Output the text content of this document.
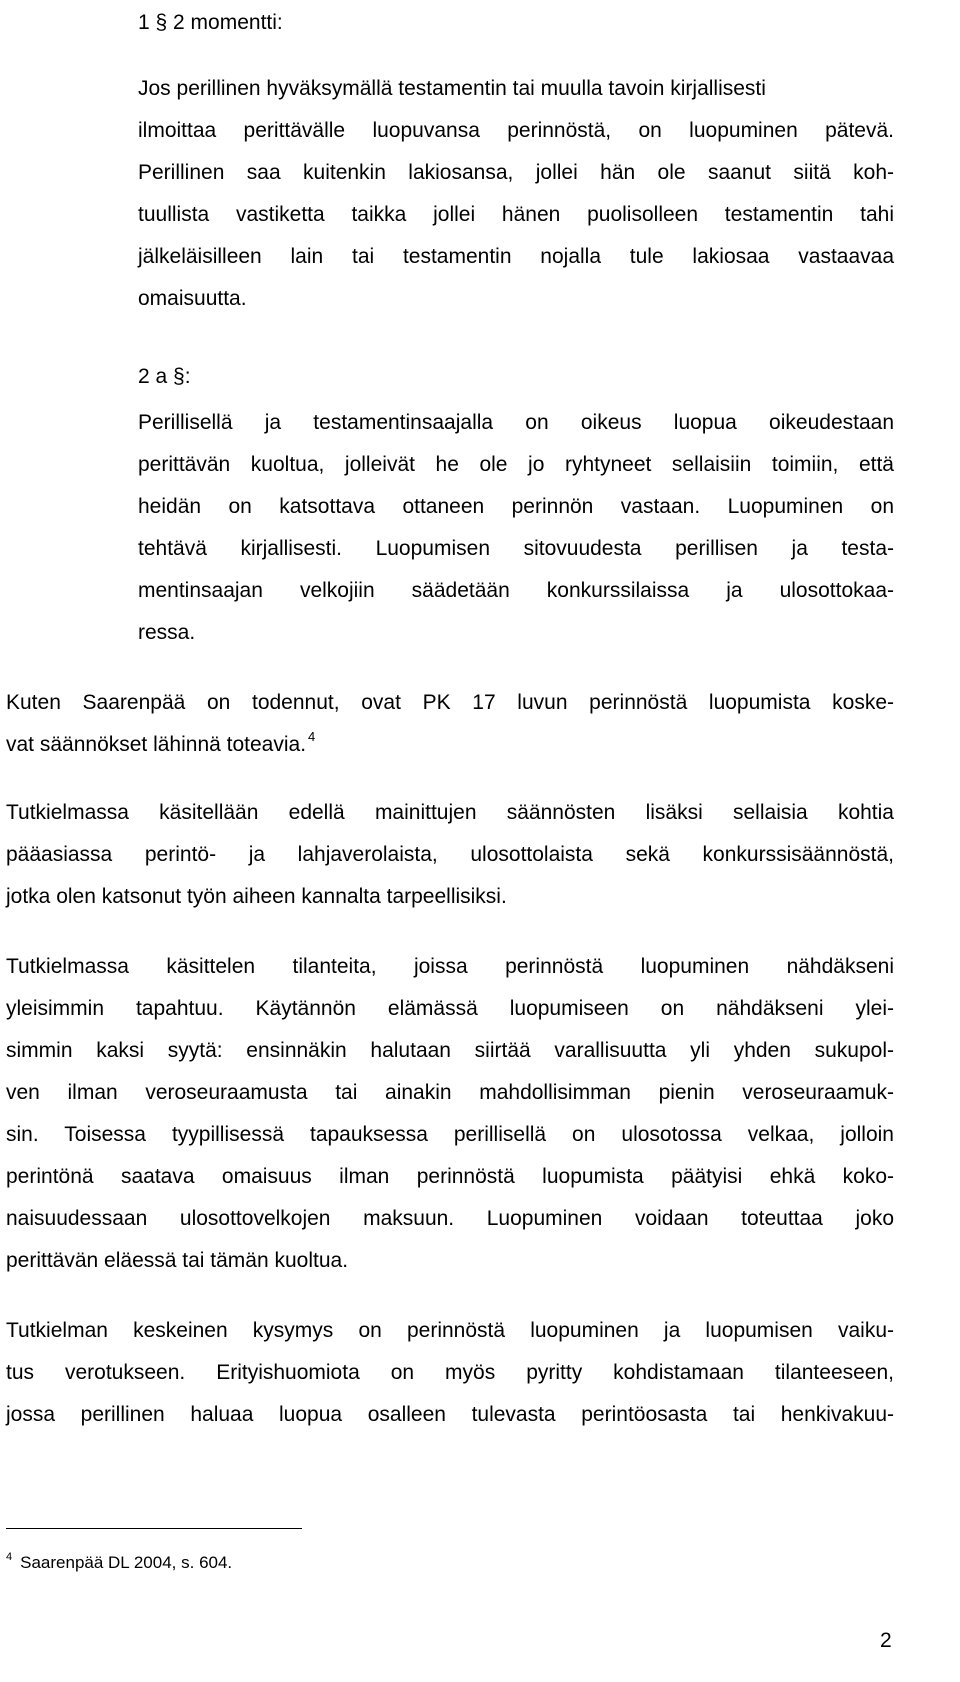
1 § 2 momentti:
Jos perillinen hyväksymällä testamentin tai muulla tavoin kirjallisesti
ilmoittaa perittävälle luopuvansa perinnöstä, on luopuminen pätevä.
Perillinen saa kuitenkin lakiosansa, jollei hän ole saanut siitä koh-
tuullista vastiketta taikka jollei hänen puolisolleen testamentin tahi
jälkeläisilleen lain tai testamentin nojalla tule lakiosaa vastaavaa
omaisuutta.
2 a §:
Perillisellä ja testamentinsaajalla on oikeus luopua oikeudestaan
perittävän kuoltua, jolleivät he ole jo ryhtyneet sellaisiin toimiin, että
heidän on katsottava ottaneen perinnön vastaan. Luopuminen on
tehtävä kirjallisesti. Luopumisen sitovuudesta perillisen ja testa-
mentinsaajan velkojiin säädetään konkurssilaissa ja ulosottokaa-
ressa.
Kuten Saarenpää on todennut, ovat PK 17 luvun perinnöstä luopumista koske-
vat säännökset lähinnä toteavia. $^4$
Tutkielmassa käsitellään edellä mainittujen säännösten lisäksi sellaisia kohtia
pääasiassa perintö- ja lahjaverolaista, ulosottolaista sekä konkurssisäännöstä,
jotka olen katsonut työn aiheen kannalta tarpeellisiksi.
Tutkielmassa käsittelen tilanteita, joissa perinnöstä luopuminen nähdäkseni
yleisimmin tapahtuu. Käytännön elämässä luopumiseen on nähdäkseni ylei-
simmin kaksi syytä: ensinnäkin halutaan siirtää varallisuutta yli yhden sukupol-
ven ilman veroseuraamusta tai ainakin mahdollisimman pienin veroseuraamuk-
sin. Toisessa tyypillisessä tapauksessa perillisellä on ulosotossa velkaa, jolloin
perintönä saatava omaisuus ilman perinnöstä luopumista päätyisi ehkä koko-
naisuudessaan ulosottovelkojen maksuun. Luopuminen voidaan toteuttaa joko
perittävän eläessä tai tämän kuoltua.
Tutkielman keskeinen kysymys on perinnöstä luopuminen ja luopumisen vaiku-
tus verotukseen. Erityishuomiota on myös pyritty kohdistamaan tilanteeseen,
jossa perillinen haluaa luopua osalleen tulevasta perintöosasta tai henkivakuu-
$^4$ Saarenpää DL 2004, s. 604.
2
